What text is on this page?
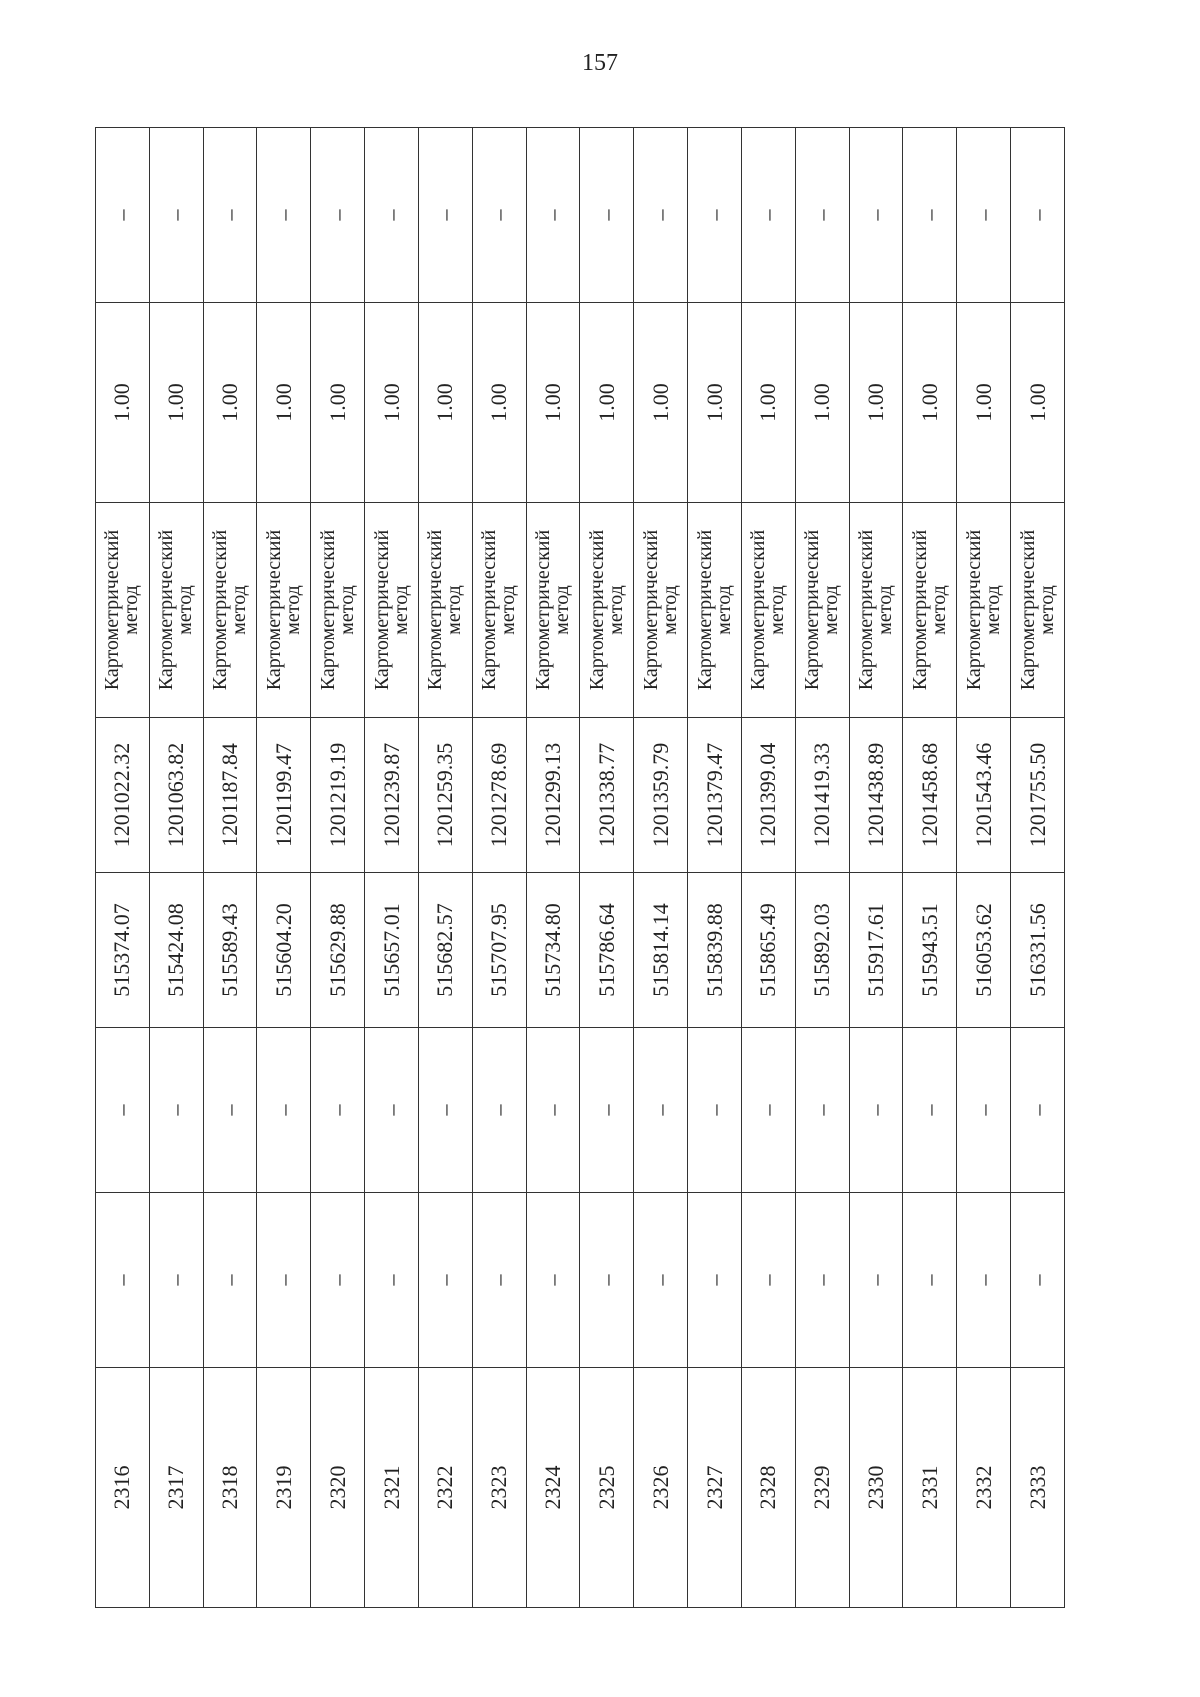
157
2316	–	–	515374.07	1201022.32	Картометрический метод	1.00	–
2317	–	–	515424.08	1201063.82	Картометрический метод	1.00	–
2318	–	–	515589.43	1201187.84	Картометрический метод	1.00	–
2319	–	–	515604.20	1201199.47	Картометрический метод	1.00	–
2320	–	–	515629.88	1201219.19	Картометрический метод	1.00	–
2321	–	–	515657.01	1201239.87	Картометрический метод	1.00	–
2322	–	–	515682.57	1201259.35	Картометрический метод	1.00	–
2323	–	–	515707.95	1201278.69	Картометрический метод	1.00	–
2324	–	–	515734.80	1201299.13	Картометрический метод	1.00	–
2325	–	–	515786.64	1201338.77	Картометрический метод	1.00	–
2326	–	–	515814.14	1201359.79	Картометрический метод	1.00	–
2327	–	–	515839.88	1201379.47	Картометрический метод	1.00	–
2328	–	–	515865.49	1201399.04	Картометрический метод	1.00	–
2329	–	–	515892.03	1201419.33	Картометрический метод	1.00	–
2330	–	–	515917.61	1201438.89	Картометрический метод	1.00	–
2331	–	–	515943.51	1201458.68	Картометрический метод	1.00	–
2332	–	–	516053.62	1201543.46	Картометрический метод	1.00	–
2333	–	–	516331.56	1201755.50	Картометрический метод	1.00	–
